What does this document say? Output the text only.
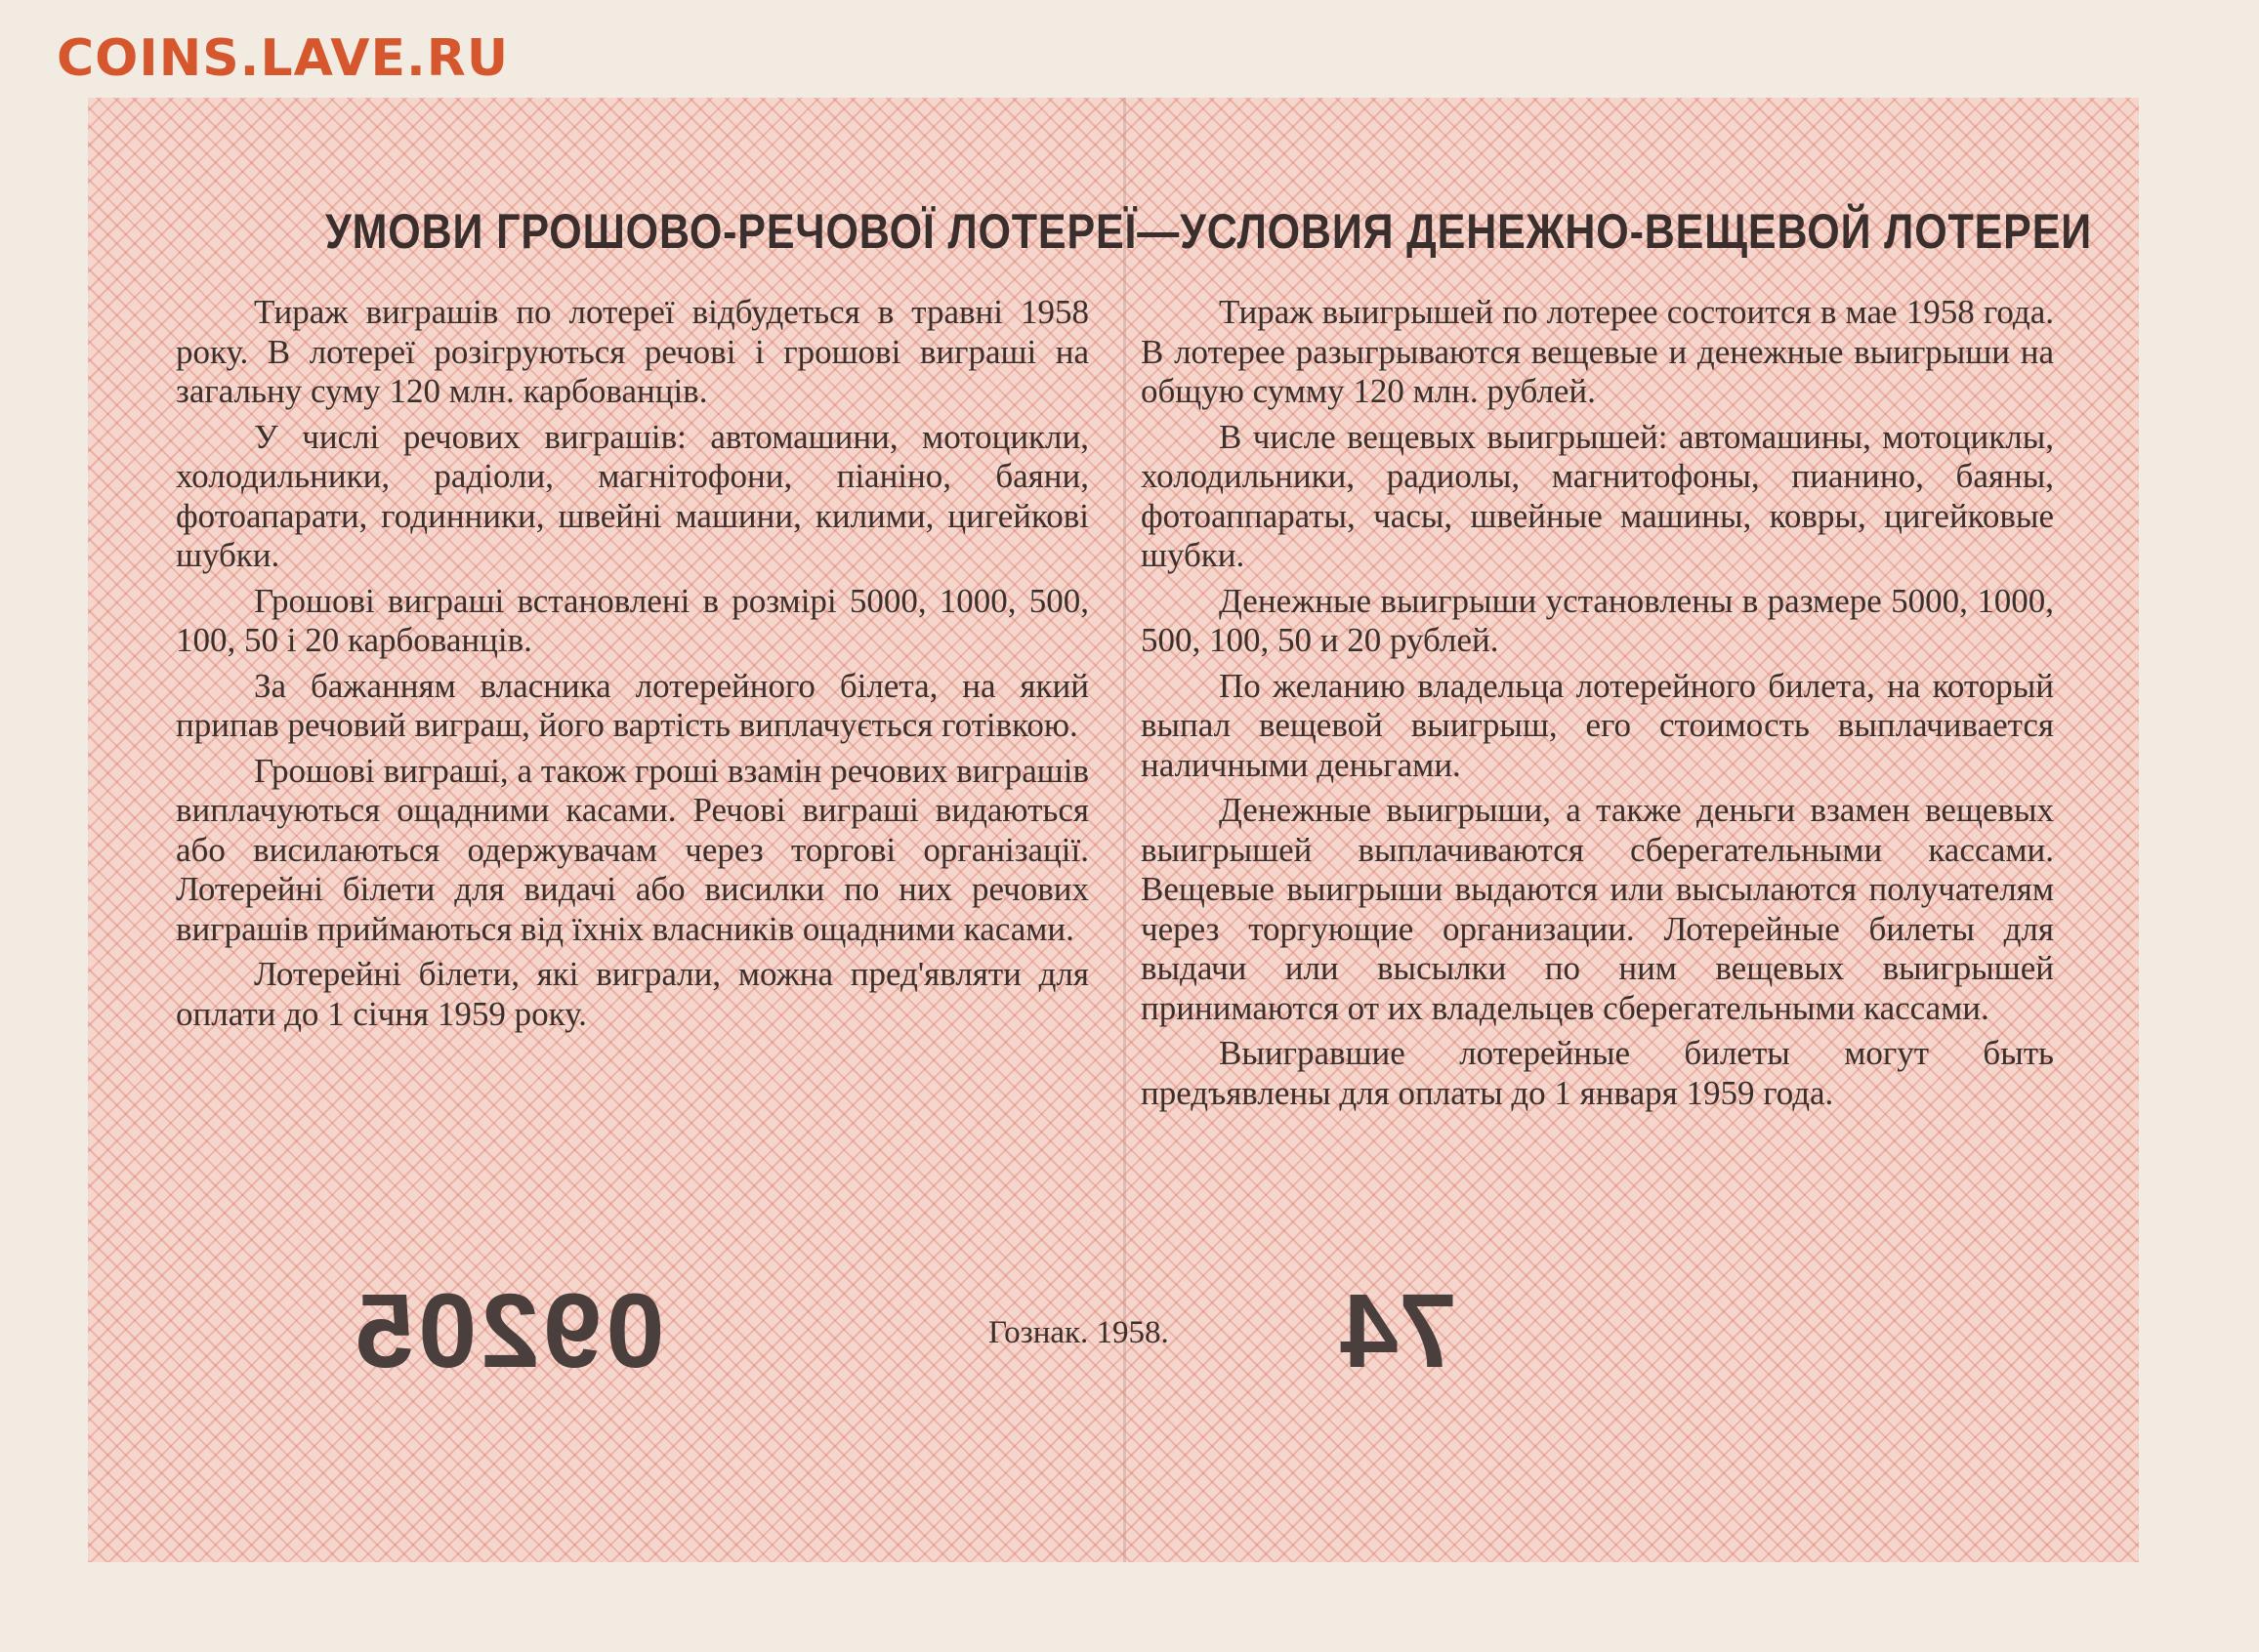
COINS.LAVE.RU
УМОВИ ГРОШОВО-РЕЧОВОЇ ЛОТЕРЕЇ—УСЛОВИЯ ДЕНЕЖНО-ВЕЩЕВОЙ ЛОТЕРЕИ

Тираж виграшів по лотереї відбудеться в травні 1958 року. В лотереї розігруються речові і грошові виграші на загальну суму 120 млн. карбованців.

У числі речових виграшів: автомашини, мотоцикли, холодильники, радіоли, магнітофони, піаніно, баяни, фотоапарати, годинники, швейні машини, килими, цигейкові шубки.

Грошові виграші встановлені в розмірі 5000, 1000, 500, 100, 50 і 20 карбованців.

За бажанням власника лотерейного білета, на який припав речовий виграш, його вартість виплачується готівкою.

Грошові виграші, а також гроші взамін речових виграшів виплачуються ощадними касами. Речові виграші видаються або висилаються одержувачам через торгові організації. Лотерейні білети для видачі або висилки по них речових виграшів приймаються від їхніх власників ощадними касами.

Лотерейні білети, які виграли, можна пред'являти для оплати до 1 січня 1959 року.

Тираж выигрышей по лотерее состоится в мае 1958 года. В лотерее разыгрываются вещевые и денежные выигрыши на общую сумму 120 млн. рублей.

В числе вещевых выигрышей: автомашины, мотоциклы, холодильники, радиолы, магнитофоны, пианино, баяны, фотоаппараты, часы, швейные машины, ковры, цигейковые шубки.

Денежные выигрыши установлены в размере 5000, 1000, 500, 100, 50 и 20 рублей.

По желанию владельца лотерейного билета, на который выпал вещевой выигрыш, его стоимость выплачивается наличными деньгами.

Денежные выигрыши, а также деньги взамен вещевых выигрышей выплачиваются сберегательными кассами. Вещевые выигрыши выдаются или высылаются получателям через торгующие организации. Лотерейные билеты для выдачи или высылки по ним вещевых выигрышей принимаются от их владельцев сберегательными кассами.

Выигравшие лотерейные билеты могут быть предъявлены для оплаты до 1 января 1959 года.

09205	Гознак. 1958. 74
